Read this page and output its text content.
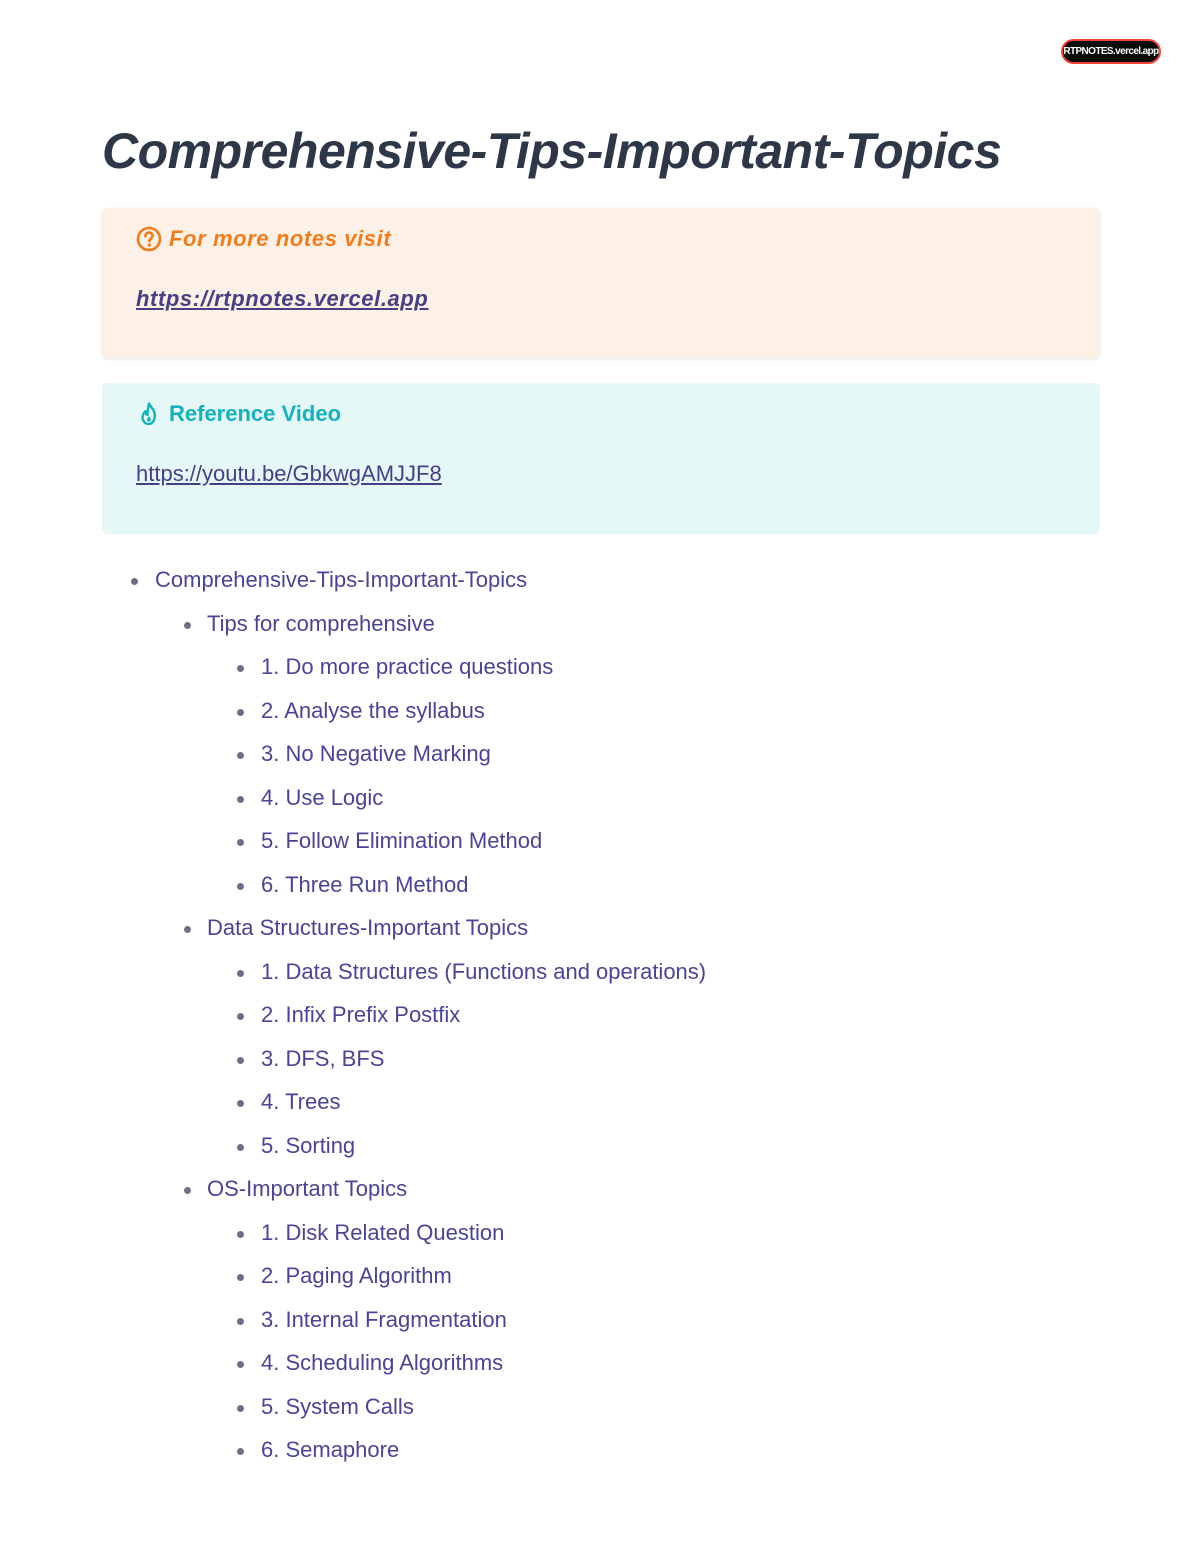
RTPNOTES.vercel.app
Comprehensive-Tips-Important-Topics
For more notes visit
https://rtpnotes.vercel.app
Reference Video
https://youtu.be/GbkwgAMJJF8
Comprehensive-Tips-Important-Topics
Tips for comprehensive
1. Do more practice questions
2. Analyse the syllabus
3. No Negative Marking
4. Use Logic
5. Follow Elimination Method
6. Three Run Method
Data Structures-Important Topics
1. Data Structures (Functions and operations)
2. Infix Prefix Postfix
3. DFS, BFS
4. Trees
5. Sorting
OS-Important Topics
1. Disk Related Question
2. Paging Algorithm
3. Internal Fragmentation
4. Scheduling Algorithms
5. System Calls
6. Semaphore
